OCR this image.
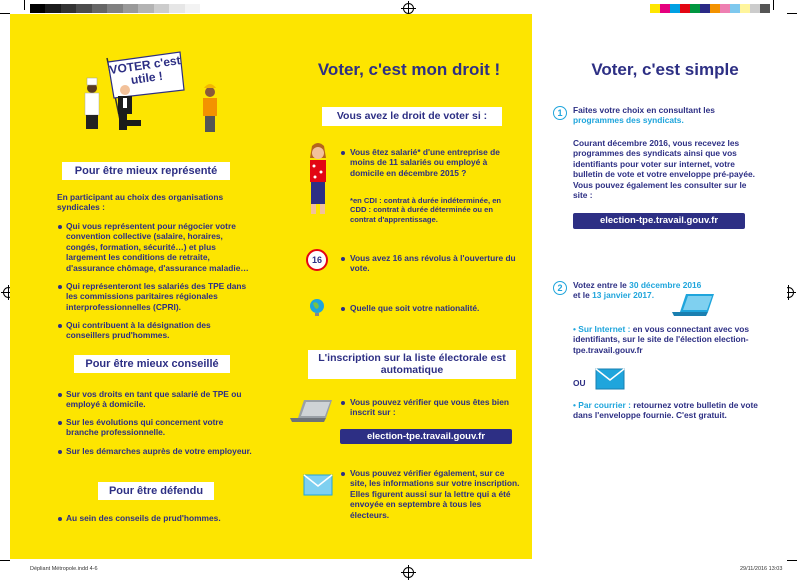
VOTER c'est utile !
Pour être mieux représenté
En participant au choix des organisations syndicales :
Qui vous représentent pour négocier votre convention collective (salaire, horaires, congés, formation, sécurité…) et plus largement les conditions de retraite, d'assurance chômage, d'assurance maladie…
Qui représenteront les salariés des TPE dans les commissions paritaires régionales interprofessionnelles (CPRI).
Qui contribuent à la désignation des conseillers prud'hommes.
Pour être mieux conseillé
Sur vos droits en tant que salarié de TPE ou employé à domicile.
Sur les évolutions qui concernent votre branche professionnelle.
Sur les démarches auprès de votre employeur.
Pour être défendu
Au sein des conseils de prud'hommes.
Voter, c'est mon droit !
Vous avez le droit de voter si :
Vous êtez salarié* d'une entreprise de moins de 11 salariés ou employé à domicile en décembre 2015 ?
*en CDI : contrat à durée indéterminée, en CDD : contrat à durée déterminée ou en contrat d'apprentissage.
16	Vous avez 16 ans révolus à l'ouverture du vote.
Quelle que soit votre nationalité.
L'inscription sur la liste électorale est automatique
Vous pouvez vérifier que vous êtes bien inscrit sur :
election-tpe.travail.gouv.fr
Vous pouvez vérifier également, sur ce site, les informations sur votre inscription. Elles figurent aussi sur la lettre qui a été envoyée en septembre à tous les électeurs.
Voter, c'est simple
1	Faites votre choix en consultant les
programmes des syndicats.
Courant décembre 2016, vous recevez les programmes des syndicats ainsi que vos identifiants pour voter sur internet, votre bulletin de vote et votre enveloppe pré-payée. Vous pouvez également les consulter sur le site :
election-tpe.travail.gouv.fr
2	Votez entre le 30 décembre 2016
et le 13 janvier 2017.
• Sur Internet : en vous connectant avec vos identifiants, sur le site de l'élection election-tpe.travail.gouv.fr
OU
• Par courrier : retournez votre bulletin de vote dans l'enveloppe fournie. C'est gratuit.
Dépliant Métropole.indd 4-6	29/11/2016 13:03
